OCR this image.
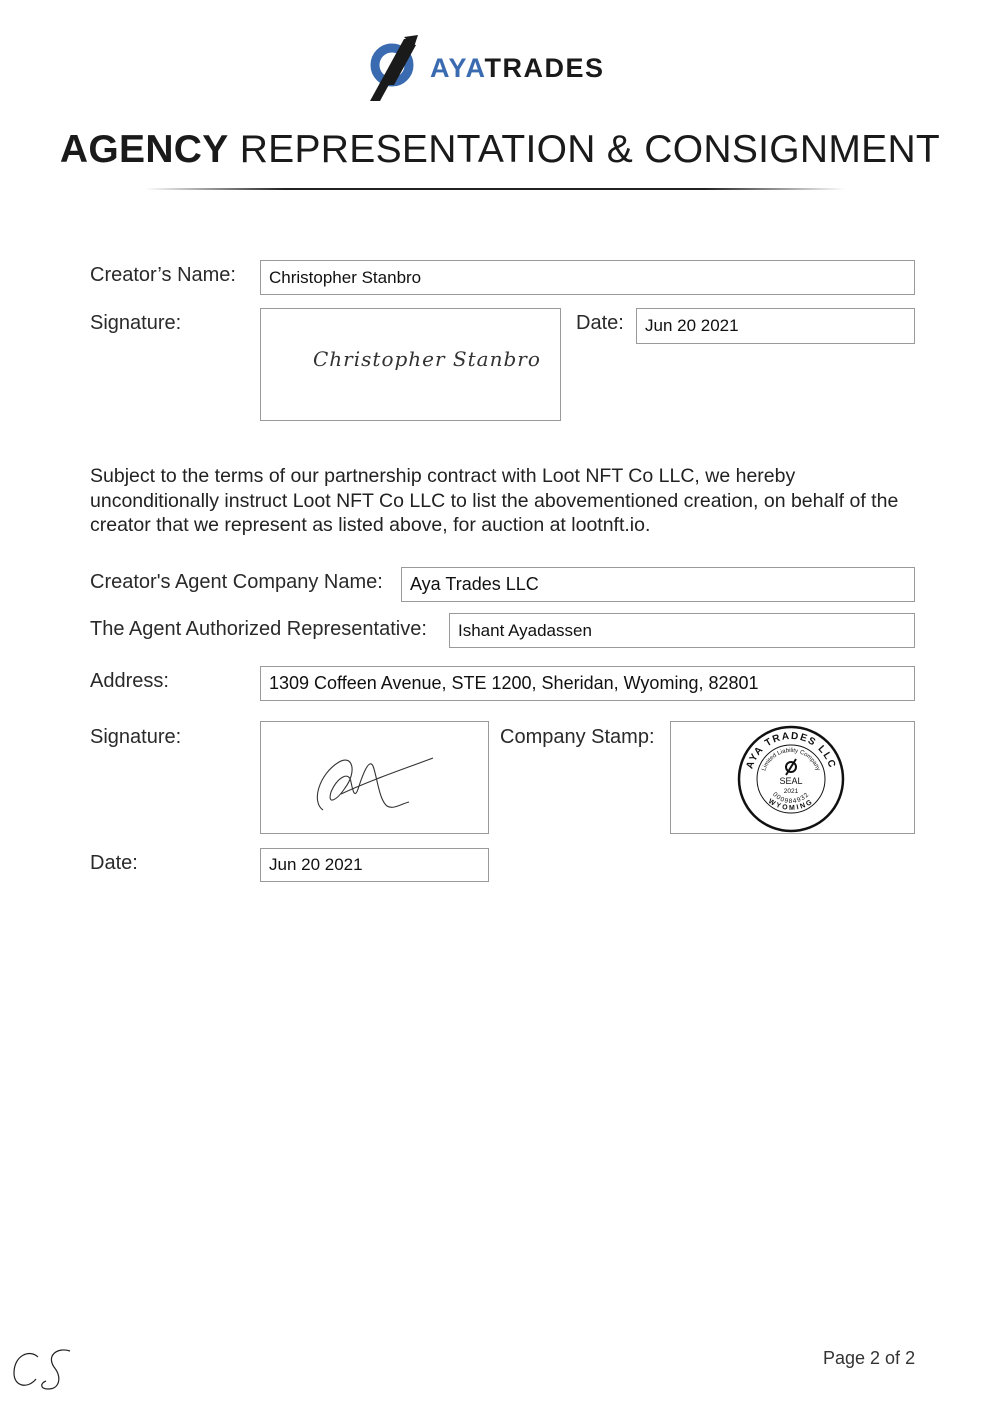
AYATRADES
AGENCY REPRESENTATION & CONSIGNMENT
Creator’s Name:	Christopher Stanbro
Signature:
Christopher Stanbro
Date:	Jun 20 2021
Subject to the terms of our partnership contract with Loot NFT Co LLC, we hereby unconditionally instruct Loot NFT Co LLC to list the abovementioned creation, on behalf of the creator that we represent as listed above, for auction at lootnft.io.
Creator's Agent Company Name:	Aya Trades LLC
The Agent Authorized Representative:	Ishant Ayadassen
Address:	1309 Coffeen Avenue, STE 1200, Sheridan, Wyoming, 82801
Signature:	Company Stamp:
AYA TRADES LLC
Limited Liability Company
WYOMING
000984932
SEAL
2021
Date:	Jun 20 2021
Page 2 of 2
